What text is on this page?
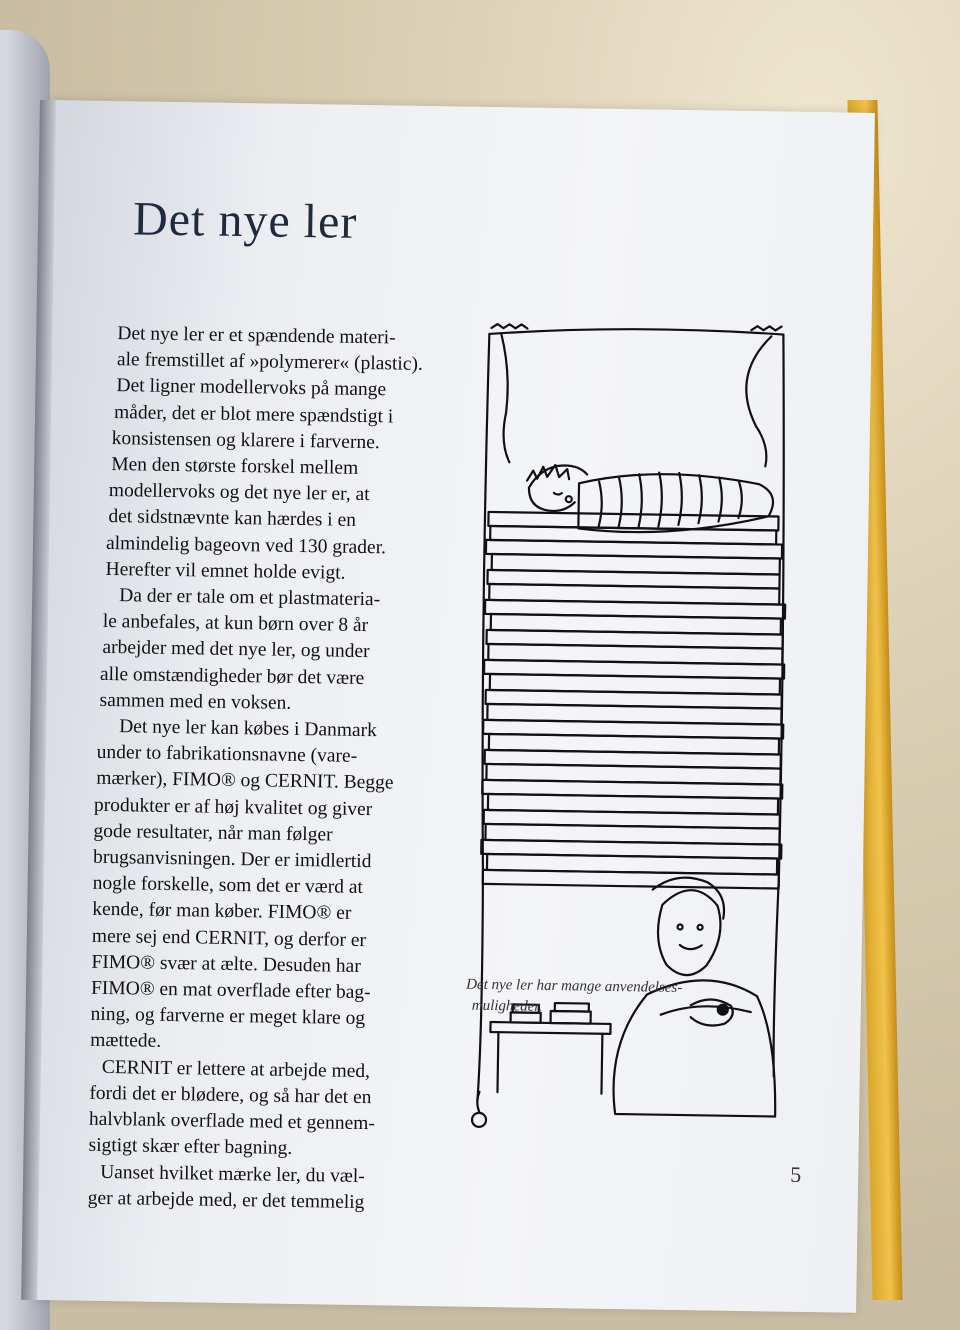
Det nye ler

Det nye ler er et spændende materi-
ale fremstillet af »polymerer« (plastic).
Det ligner modellervoks på mange
måder, det er blot mere spændstigt i
konsistensen og klarere i farverne.
Men den største forskel mellem
modellervoks og det nye ler er, at
det sidstnævnte kan hærdes i en
almindelig bageovn ved 130 grader.
Herefter vil emnet holde evigt.

Da der er tale om et plastmateria-
le anbefales, at kun børn over 8 år
arbejder med det nye ler, og under
alle omstændigheder bør det være
sammen med en voksen.

Det nye ler kan købes i Danmark
under to fabrikationsnavne (vare-
mærker), FIMO® og CERNIT. Begge
produkter er af høj kvalitet og giver
gode resultater, når man følger
brugsanvisningen. Der er imidlertid
nogle forskelle, som det er værd at
kende, før man køber. FIMO® er
mere sej end CERNIT, og derfor er
FIMO® svær at ælte. Desuden har
FIMO® en mat overflade efter bag-
ning, og farverne er meget klare og
mættede.

CERNIT er lettere at arbejde med,
fordi det er blødere, og så har det en
halvblank overflade med et gennem-
sigtigt skær efter bagning.

Uanset hvilket mærke ler, du væl-
ger at arbejde med, er det temmelig

Det nye ler har mange anvendelses-
muligheder.
5
